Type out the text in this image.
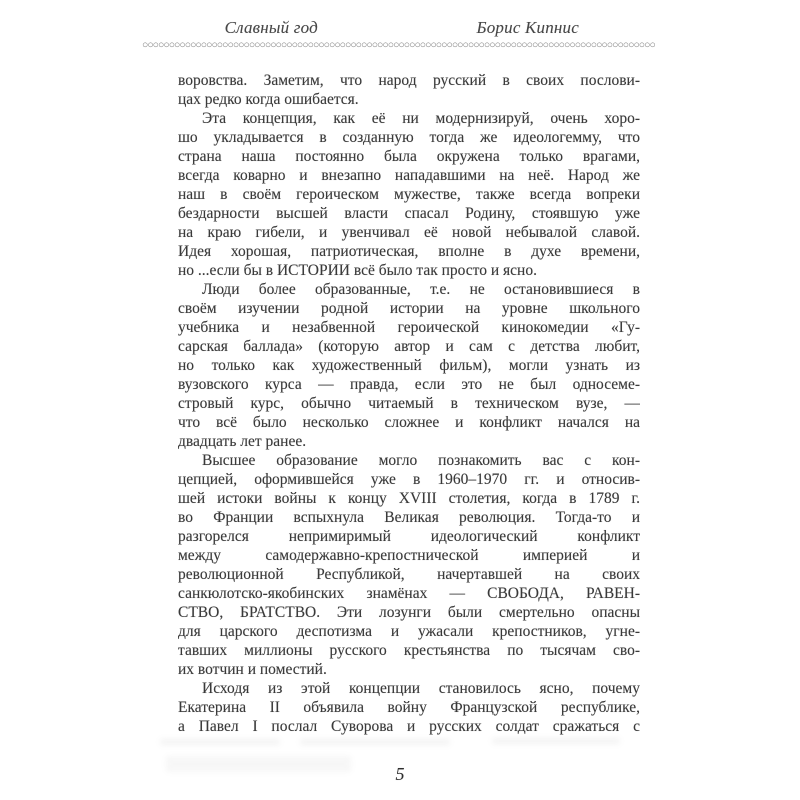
Славный год	Борис Кипнис
○○○○○○○○○○○○○○○○○○○○○○○○○○○○○○○○○○○○○○○○○○○○○○○○○○○○○○○○○○○○○○○○○○○○○○○○○○○○○○○○○○○○○○○○○○○○○○○○
воровства. Заметим, что народ русский в своих послови-
цах редко когда ошибается.
Эта концепция, как её ни модернизируй, очень хоро-
шо укладывается в созданную тогда же идеологемму, что
страна наша постоянно была окружена только врагами,
всегда коварно и внезапно нападавшими на неё. Народ же
наш в своём героическом мужестве, также всегда вопреки
бездарности высшей власти спасал Родину, стоявшую уже
на краю гибели, и увенчивал её новой небывалой славой.
Идея хорошая, патриотическая, вполне в духе времени,
но ...если бы в ИСТОРИИ всё было так просто и ясно.
Люди более образованные, т.е. не остановившиеся в
своём изучении родной истории на уровне школьного
учебника и незабвенной героической кинокомедии «Гу-
сарская баллада» (которую автор и сам с детства любит,
но только как художественный фильм), могли узнать из
вузовского курса — правда, если это не был односеме-
стровый курс, обычно читаемый в техническом вузе, —
что всё было несколько сложнее и конфликт начался на
двадцать лет ранее.
Высшее образование могло познакомить вас с кон-
цепцией, оформившейся уже в 1960–1970 гг. и относив-
шей истоки войны к концу XVIII столетия, когда в 1789 г.
во Франции вспыхнула Великая революция. Тогда-то и
разгорелся непримиримый идеологический конфликт
между самодержавно-крепостнической империей и
революционной Республикой, начертавшей на своих
санкюлотско-якобинских знамёнах — СВОБОДА, РАВЕН-
СТВО, БРАТСТВО. Эти лозунги были смертельно опасны
для царского деспотизма и ужасали крепостников, угне-
тавших миллионы русского крестьянства по тысячам сво-
их вотчин и поместий.
Исходя из этой концепции становилось ясно, почему
Екатерина II объявила войну Французской республике,
а Павел I послал Суворова и русских солдат сражаться с
5
